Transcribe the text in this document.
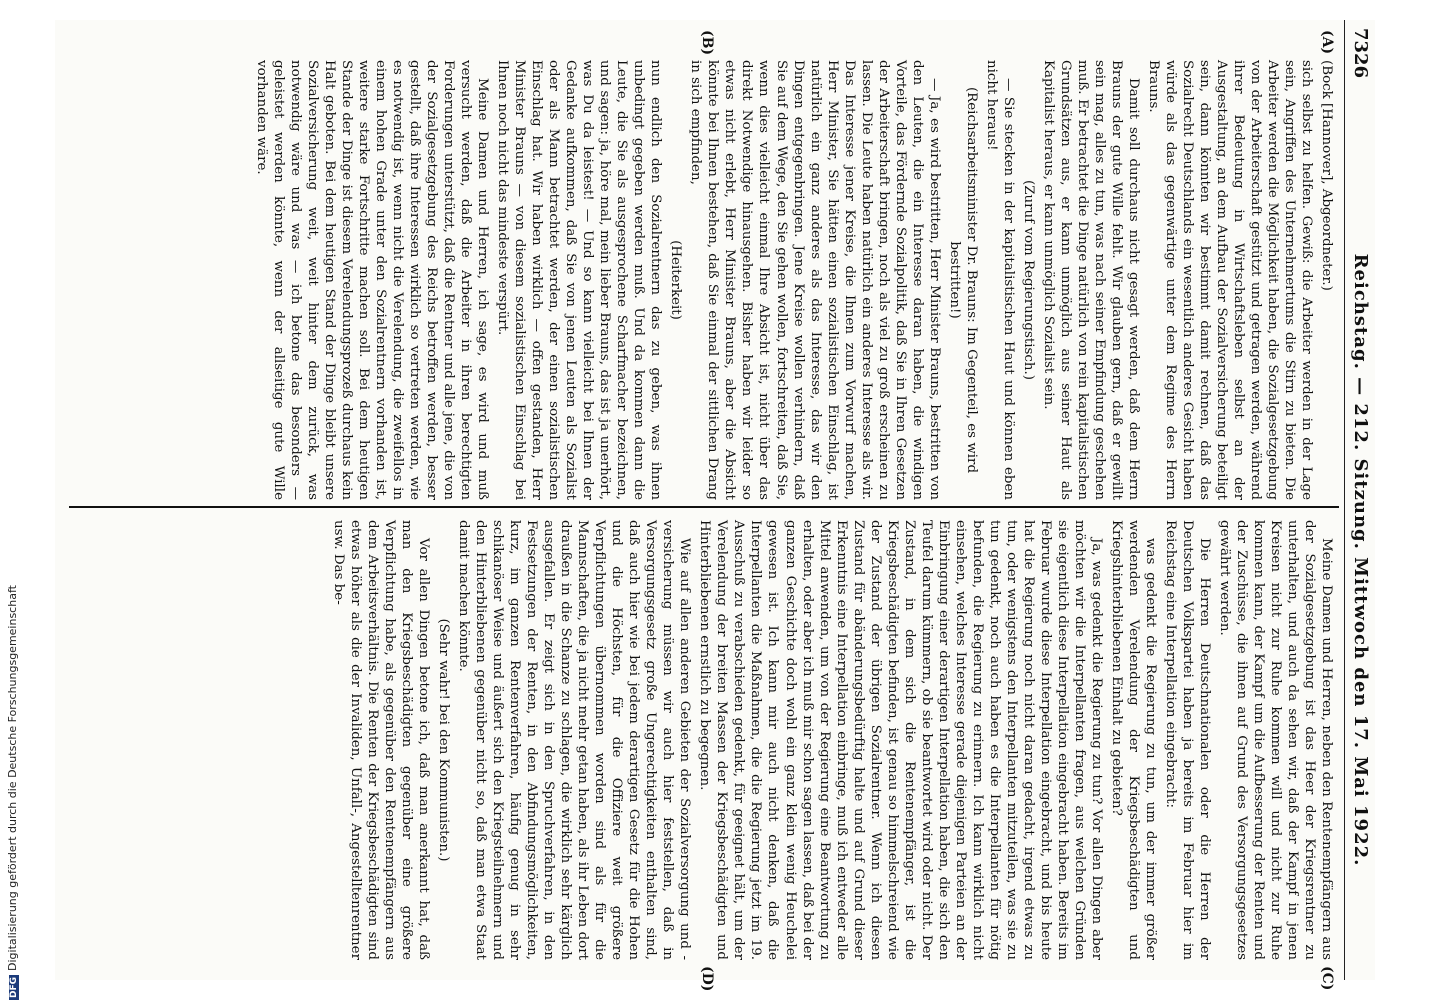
7326
Reichstag. — 212. Sitzung. Mittwoch den 17. Mai 1922.
(A)
(B)
(C)
(D)

(Bock [Hannover], Abgeordneter.)

sich selbst zu helfen. Gewiß: die Arbeiter werden in der Lage sein, Angriffen des Unternehmertums die Stirn zu bieten. Die Arbeiter werden die Möglichkeit haben, die Sozialgesetzgebung von der Arbeiterschaft gestützt und getragen werden, während ihrer Bedeutung in Wirtschaftsleben selbst an der Ausgestaltung, an dem Aufbau der Sozialversicherung beteiligt sein, dann könnten wir bestimmt damit rechnen, daß das Sozialrecht Deutschlands ein wesentlich anderes Gesicht haben würde als das gegenwärtige unter dem Regime des Herrn Brauns.

Damit soll durchaus nicht gesagt werden, daß dem Herrn Brauns der gute Wille fehlt. Wir glauben gern, daß er gewillt sein mag, alles zu tun, was nach seiner Empfindung geschehen muß. Er betrachtet die Dinge natürlich von rein kapitalistischen Grundsätzen aus, er kann unmöglich aus seiner Haut als Kapitalist heraus, er kann unmöglich Sozialist sein.

(Zuruf vom Regierungstisch.)

— Sie stecken in der kapitalistischen Haut und können eben nicht heraus!

(Reichsarbeitsminister Dr. Brauns: Im Gegenteil, es wird bestritten!)

— Ja, es wird bestritten, Herr Minister Brauns, bestritten von den Leuten, die ein Interesse daran haben, die windigen Vorteile, das Fördernde Sozialpolitik, daß Sie in Ihren Gesetzen der Arbeiterschaft bringen, noch als viel zu groß erscheinen zu lassen. Die Leute haben natürlich ein anderes Interesse als wir. Das Interesse jener Kreise, die Ihnen zum Vorwurf machen, Herr Minister, Sie hätten einen sozialistischen Einschlag, ist natürlich ein ganz anderes als das Interesse, das wir den Dingen entgegenbringen. Jene Kreise wollen verhindern, daß Sie auf dem Wege, den Sie gehen wollen, fortschreiten, daß Sie, wenn dies vielleicht einmal Ihre Absicht ist, nicht über das direkt Notwendige hinausgehen. Bisher haben wir leider so etwas nicht erlebt, Herr Minister Brauns, aber die Absicht könnte bei Ihnen bestehen, daß Sie einmal der sittlichen Drang in sich empfinden,

(Heiterkeit)

nun endlich den Sozialrentnern das zu geben, was ihnen unbedingt gegeben werden muß. Und da kommen dann die Leute, die Sie als ausgesprochene Scharfmacher bezeichnen, und sagen: ja, höre mal, mein lieber Brauns, das ist ja unerhört, was Du da leistest! — Und so kann vielleicht bei Ihnen der Gedanke aufkommen, daß Sie von jenen Leuten als Sozialist oder als Mann betrachtet werden, der einen sozialistischen Einschlag hat. Wir haben wirklich — offen gestanden, Herr Minister Brauns — von diesem sozialistischen Einschlag bei Ihnen noch nicht das mindeste verspürt.

Meine Damen und Herren, ich sage, es wird und muß versucht werden, daß die Arbeiter in ihren berechtigten Forderungen unterstützt, daß die Rentner und alle jene, die von der Sozialgesetzgebung des Reichs betroffen werden, besser gestellt, daß ihre Interessen wirklich so vertreten werden, wie es notwendig ist, wenn nicht die Verelendung, die zweifellos in einem hohen Grade unter den Sozialrentnern vorhanden ist, weitere starke Fortschritte machen soll. Bei dem heutigen Stande der Dinge ist diesem Verelendungsprozeß durchaus kein Halt geboten. Bei dem heutigen Stand der Dinge bleibt unsere Sozialversicherung weit, weit hinter dem zurück, was notwendig wäre und was — ich betone das besonders — geleistet werden könnte, wenn der allseitige gute Wille vorhanden wäre.

Meine Damen und Herren, neben den Rentenempfängern aus der Sozialgesetzgebung ist das Heer der Kriegsrentner zu unterhalten, und auch da sehen wir, daß der Kampf in jenen Kreisen nicht zur Ruhe kommen will und nicht zur Ruhe kommen kann, der Kampf um die Aufbesserung der Renten und der Zuschüsse, die ihnen auf Grund des Versorgungsgesetzes gewährt werden.

Die Herren Deutschnationalen oder die Herren der Deutschen Volkspartei haben ja bereits im Februar hier im Reichstag eine Interpellation eingebracht:

was gedenkt die Regierung zu tun, um der immer größer werdenden Verelendung der Kriegsbeschädigten und Kriegshinterbliebenen Einhalt zu gebieten?

Ja, was gedenkt die Regierung zu tun? Vor allen Dingen aber möchten wir die Interpellanten fragen, aus welchen Gründen sie eigentlich diese Interpellation eingebracht haben. Bereits im Februar wurde diese Interpellation eingebracht, und bis heute hat die Regierung noch nicht daran gedacht, irgend etwas zu tun, oder wenigstens den Interpellanten mitzuteilen, was sie zu tun gedenkt, noch auch haben es die Interpellanten für nötig befunden, die Regierung zu erinnern. Ich kann wirklich nicht einsehen, welches Interesse gerade diejenigen Parteien an der Einbringung einer derartigen Interpellation haben, die sich den Teufel darum kümmern, ob sie beantwortet wird oder nicht. Der Zustand, in dem sich die Rentenempfänger, ist die Kriegsbeschädigten befinden, ist genau so himmelschreiend wie der Zustand der übrigen Sozialrentner. Wenn ich diesen Zustand für abänderungsbedürftig halte und auf Grund dieser Erkenntnis eine Interpellation einbringe, muß ich entweder alle Mittel anwenden, um von der Regierung eine Beantwortung zu erhalten, oder aber ich muß mir schon sagen lassen, daß bei der ganzen Geschichte doch wohl ein ganz klein wenig Heuchelei gewesen ist. Ich kann mir auch nicht denken, daß die Interpellanten die Maßnahmen, die die Regierung jetzt im 19. Ausschuß zu verabschieden gedenkt, für geeignet hält, um der Verelendung der breiten Massen der Kriegsbeschädigten und Hinterbliebenen ernstlich zu begegnen.

Wie auf allen anderen Gebieten der Sozialversorgung und -versicherung müssen wir auch hier feststellen, daß in Versorgungsgesetz große Ungerechtigkeiten enthalten sind, daß auch hier wie bei jedem derartigen Gesetz für die Hohen und die Höchsten, für die Offiziere weit größere Verpflichtungen übernommen worden sind als für die Mannschaften, die ja nicht mehr getan haben, als ihr Leben dort draußen in die Schanze zu schlagen, die wirklich sehr kärglich ausgefallen. Er zeigt sich in den Spruchverfahren, in den Festsetzungen der Renten, in den Abfindungsmöglichkeiten, kurz, im ganzen Rentenverfahren, häufig genug in sehr schikanöser Weise und äußert sich den Kriegsteilnehmern und den Hinterbliebenen gegenüber nicht so, daß man etwa Staat damit machen könnte.

(Sehr wahr! bei den Kommunisten.)

Vor allen Dingen betone ich, daß man anerkannt hat, daß man den Kriegsbeschädigten gegenüber eine größere Verpflichtung habe, als gegenüber den Rentenempfängern aus dem Arbeitsverhältnis. Die Renten der Kriegsbeschädigten sind etwas höher als die der Invaliden, Unfall-, Angestelltenrentner usw. Das be-

DFGDigitalisierung gefördert durch die Deutsche Forschungsgemeinschaft
